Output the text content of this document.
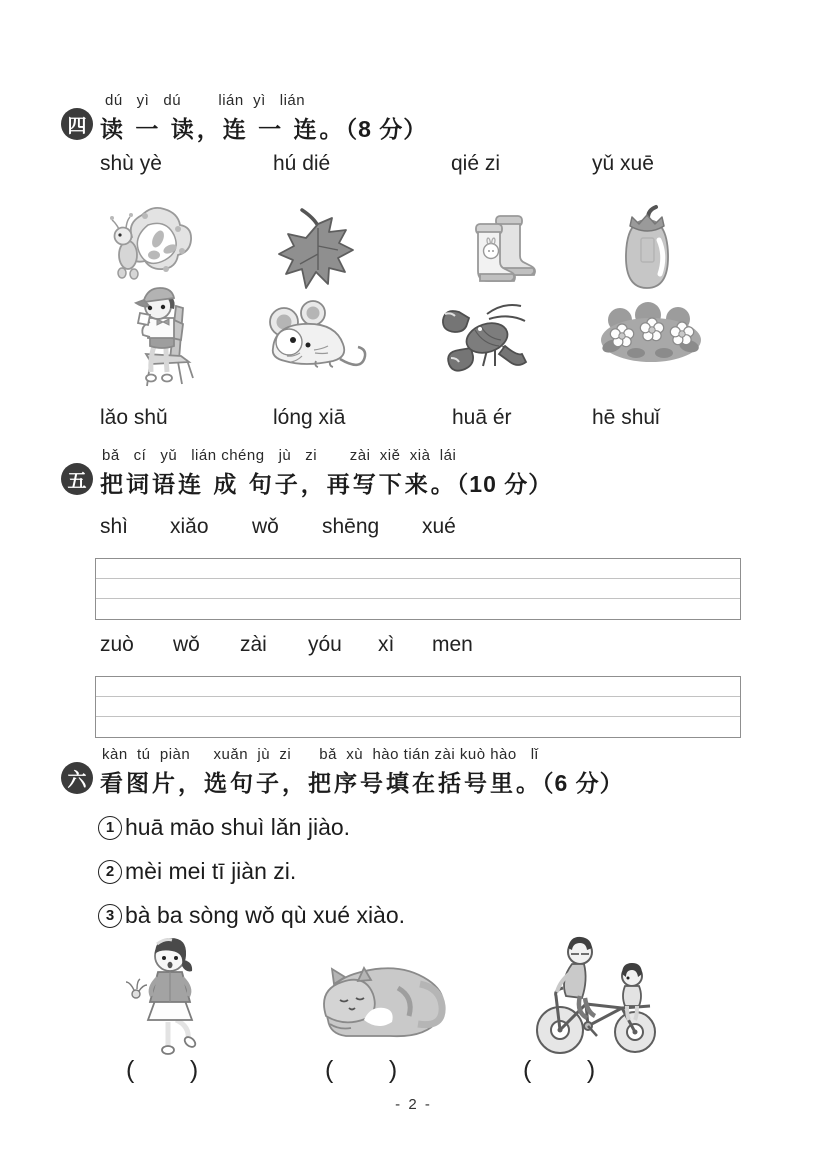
四
dú   yì   dú        lián  yì   lián
读 一 读，连 一 连。（8 分）
shù yè	hú dié	qié zi	yǔ xuē
lǎo shǔ	lóng xiā	huā ér	hē shuǐ
五
bǎ   cí   yǔ   lián chéng   jù   zi       zài  xiě  xià  lái
把词语连 成 句子，再写下来。（10 分）
shì xiǎo wǒ shēng xué
zuò wǒ zài yóu xì men
六
kàn  tú  piàn     xuǎn  jù  zi      bǎ  xù  hào tián zài kuò hào   lǐ
看图片，选句子，把序号填在括号里。（6 分）
1 huā māo shuì lǎn jiào.
2 mèi mei tī jiàn zi.
3 bà ba sòng wǒ qù xué xiào.
(        )	(        )	(        )
- 2 -
